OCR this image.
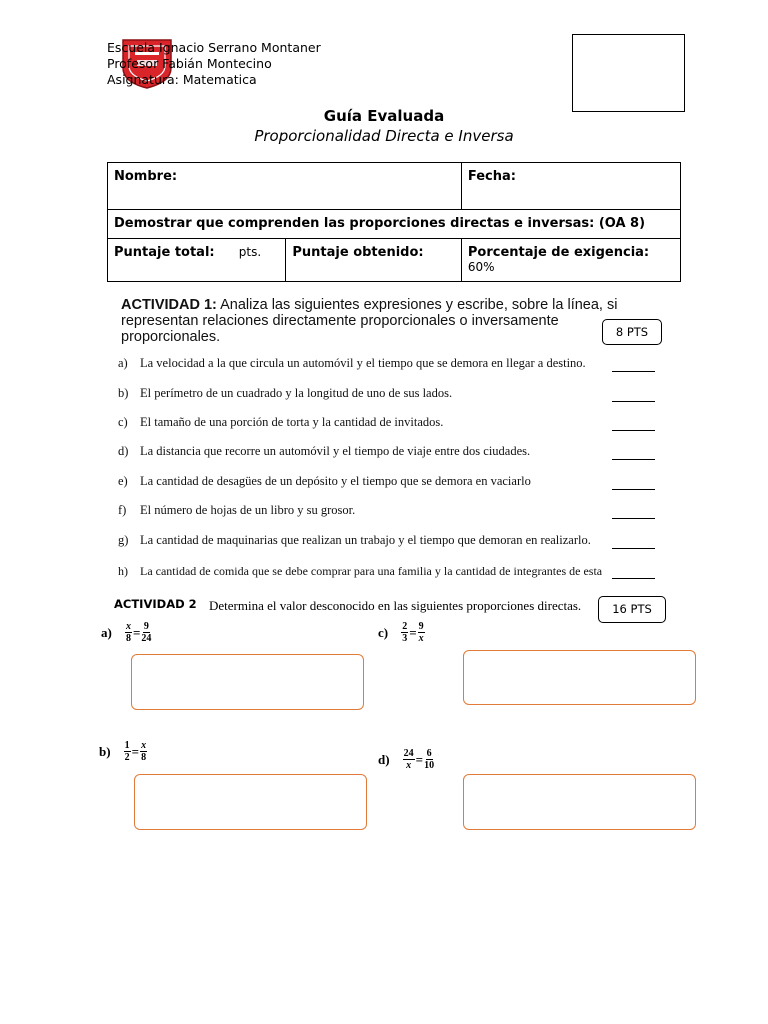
Escuela Ignacio Serrano Montaner
Profesor Fabián Montecino
Asignatura: Matematica
Guía Evaluada
Proporcionalidad Directa e Inversa
Nombre:		Fecha:
Demostrar que comprenden las proporciones directas e inversas: (OA 8)		
Puntaje total: pts.	Puntaje obtenido:	Porcentaje de exigencia: 60%
ACTIVIDAD 1: Analiza las siguientes expresiones y escribe, sobre la línea, si representan relaciones directamente proporcionales o inversamente proporcionales.	8 PTS
a) La velocidad a la que circula un automóvil y el tiempo que se demora en llegar a destino.
b) El perímetro de un cuadrado y la longitud de uno de sus lados.
c) El tamaño de una porción de torta y la cantidad de invitados.
d) La distancia que recorre un automóvil y el tiempo de viaje entre dos ciudades.
e) La cantidad de desagües de un depósito y el tiempo que se demora en vaciarlo
f) El número de hojas de un libro y su grosor.
g) La cantidad de maquinarias que realizan un trabajo y el tiempo que demoran en realizarlo.
h) La cantidad de comida que se debe comprar para una familia y la cantidad de integrantes de esta
ACTIVIDAD 2 Determina el valor desconocido en las siguientes proporciones directas.	16 PTS
$a) \frac{x}{8} = \frac{9}{24}$	$c) \frac{2}{3} = \frac{9}{x}$
$b) \frac{1}{2} = \frac{x}{8}$	$d) \frac{24}{x} = \frac{6}{10}$
